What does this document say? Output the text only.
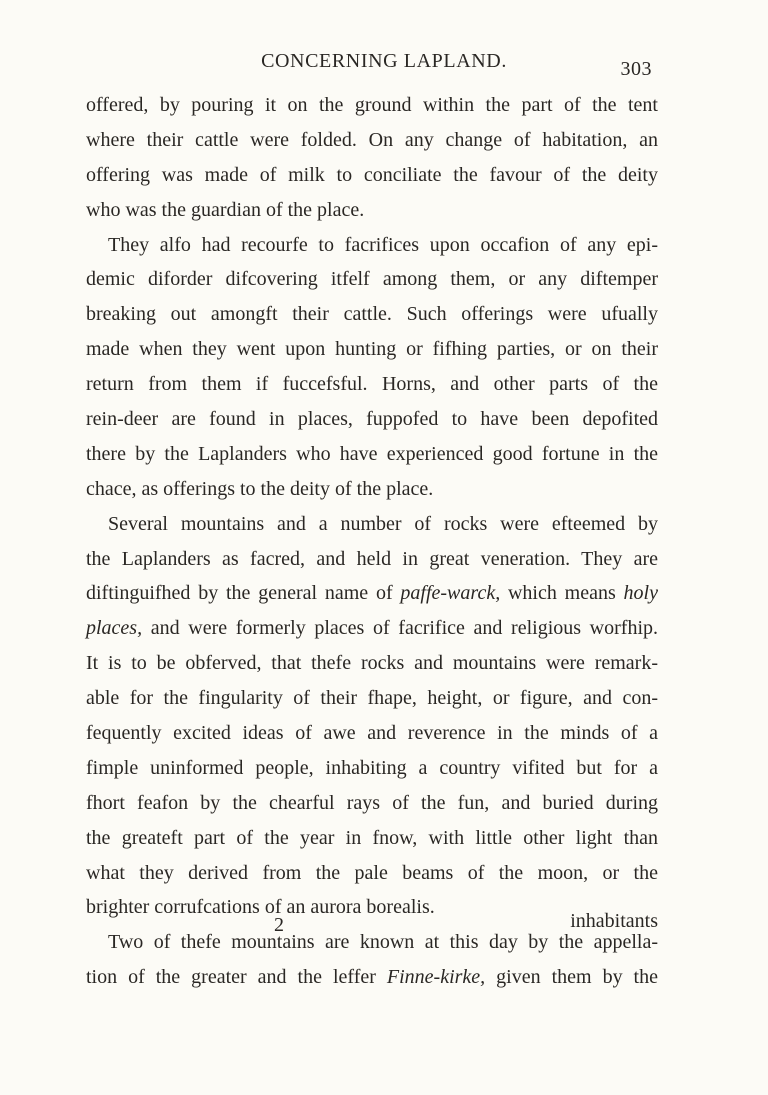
CONCERNING LAPLAND.	303
offered, by pouring it on the ground within the part of the tent
where their cattle were folded. On any change of habitation, an
offering was made of milk to conciliate the favour of the deity
who was the guardian of the place.
They alfo had recourfe to facrifices upon occafion of any epi-
demic diforder difcovering itfelf among them, or any diftemper
breaking out amongft their cattle. Such offerings were ufually
made when they went upon hunting or fifhing parties, or on their
return from them if fuccefsful. Horns, and other parts of the
rein-deer are found in places, fuppofed to have been depofited
there by the Laplanders who have experienced good fortune in the
chace, as offerings to the deity of the place.
Several mountains and a number of rocks were efteemed by
the Laplanders as facred, and held in great veneration. They are
diftinguifhed by the general name of paffe-warck, which means holy
places, and were formerly places of facrifice and religious worfhip.
It is to be obferved, that thefe rocks and mountains were remark-
able for the fingularity of their fhape, height, or figure, and con-
fequently excited ideas of awe and reverence in the minds of a
fimple uninformed people, inhabiting a country vifited but for a
fhort feafon by the chearful rays of the fun, and buried during
the greateft part of the year in fnow, with little other light than
what they derived from the pale beams of the moon, or the
brighter corrufcations of an aurora borealis.
Two of thefe mountains are known at this day by the appella-
tion of the greater and the leffer Finne-kirke, given them by the
2	inhabitants
